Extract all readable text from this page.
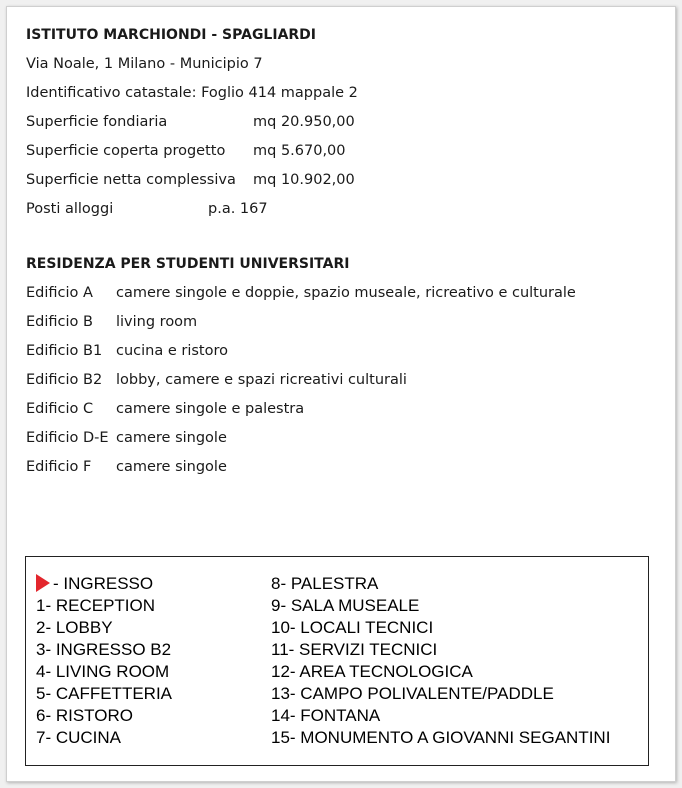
ISTITUTO MARCHIONDI - SPAGLIARDI
Via Noale, 1 Milano - Municipio 7
Identificativo catastale: Foglio 414 mappale 2
Superficie fondiaria	mq 20.950,00
Superficie coperta progetto mq 5.670,00
Superficie netta complessiva mq 10.902,00
Posti alloggi	p.a. 167
RESIDENZA PER STUDENTI UNIVERSITARI
Edificio A camere singole e doppie, spazio museale, ricreativo e culturale
Edificio B living room
Edificio B1 cucina e ristoro
Edificio B2 lobby, camere e spazi ricreativi culturali
Edificio C camere singole e palestra
Edificio D-E camere singole
Edificio F camere singole
- INGRESSO
1- RECEPTION
2- LOBBY
3- INGRESSO B2
4- LIVING ROOM
5- CAFFETTERIA
6- RISTORO
7- CUCINA
8- PALESTRA
9- SALA MUSEALE
10- LOCALI TECNICI
11- SERVIZI TECNICI
12- AREA TECNOLOGICA
13- CAMPO POLIVALENTE/PADDLE
14- FONTANA
15- MONUMENTO A GIOVANNI SEGANTINI
